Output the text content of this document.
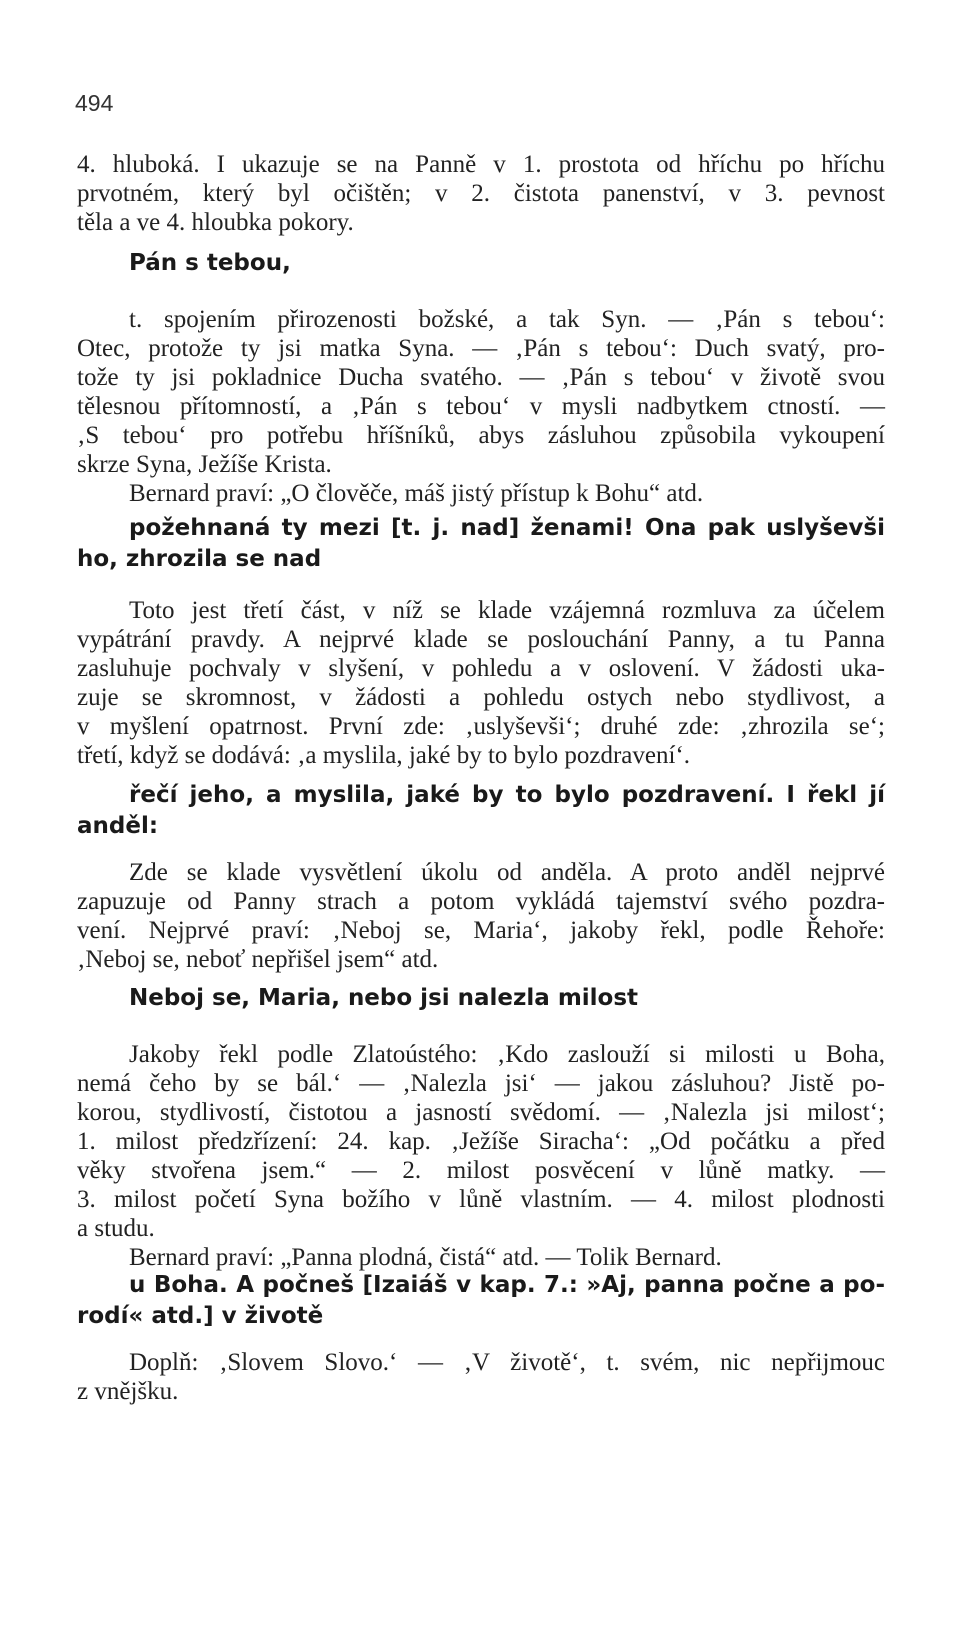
494
4. hluboká. I ukazuje se na Panně v 1. prostota od hříchu po hříchu
prvotném, který byl očištěn; v 2. čistota panenství, v 3. pevnost
těla a ve 4. hloubka pokory.
Pán s tebou,
t. spojením přirozenosti božské, a tak Syn. — ‚Pán s tebou‘:
Otec, protože ty jsi matka Syna. — ‚Pán s tebou‘: Duch svatý, pro-
tože ty jsi pokladnice Ducha svatého. — ‚Pán s tebou‘ v životě svou
tělesnou přítomností, a ‚Pán s tebou‘ v mysli nadbytkem ctností. —
‚S tebou‘ pro potřebu hříšníků, abys zásluhou způsobila vykoupení
skrze Syna, Ježíše Krista.
Bernard praví: „O člověče, máš jistý přístup k Bohu“ atd.
požehnaná ty mezi [t. j. nad] ženami! Ona pak uslyševši
ho, zhrozila se nad
Toto jest třetí část, v níž se klade vzájemná rozmluva za účelem
vypátrání pravdy. A nejprvé klade se poslouchání Panny, a tu Panna
zasluhuje pochvaly v slyšení, v pohledu a v oslovení. V žádosti uka-
zuje se skromnost, v žádosti a pohledu ostych nebo stydlivost, a
v myšlení opatrnost. První zde: ‚uslyševši‘; druhé zde: ‚zhrozila se‘;
třetí, když se dodává: ‚a myslila, jaké by to bylo pozdravení‘.
řečí jeho, a myslila, jaké by to bylo pozdravení. I řekl jí
anděl:
Zde se klade vysvětlení úkolu od anděla. A proto anděl nejprvé
zapuzuje od Panny strach a potom vykládá tajemství svého pozdra-
vení. Nejprvé praví: ‚Neboj se, Maria‘, jakoby řekl, podle Řehoře:
‚Neboj se, neboť nepřišel jsem“ atd.
Neboj se, Maria, nebo jsi nalezla milost
Jakoby řekl podle Zlatoústého: ‚Kdo zaslouží si milosti u Boha,
nemá čeho by se bál.‘ — ‚Nalezla jsi‘ — jakou zásluhou? Jistě po-
korou, stydlivostí, čistotou a jasností svědomí. — ‚Nalezla jsi milost‘;
1. milost předzřízení: 24. kap. ‚Ježíše Siracha‘: „Od počátku a před
věky stvořena jsem.“ — 2. milost posvěcení v lůně matky. —
3. milost početí Syna božího v lůně vlastním. — 4. milost plodnosti
a studu.
Bernard praví: „Panna plodná, čistá“ atd. — Tolik Bernard.
u Boha. A počneš [Izaiáš v kap. 7.: »Aj, panna počne a po-
rodí« atd.] v životě
Doplň: ‚Slovem Slovo.‘ — ‚V životě‘, t. svém, nic nepřijmouc
z vnějšku.
